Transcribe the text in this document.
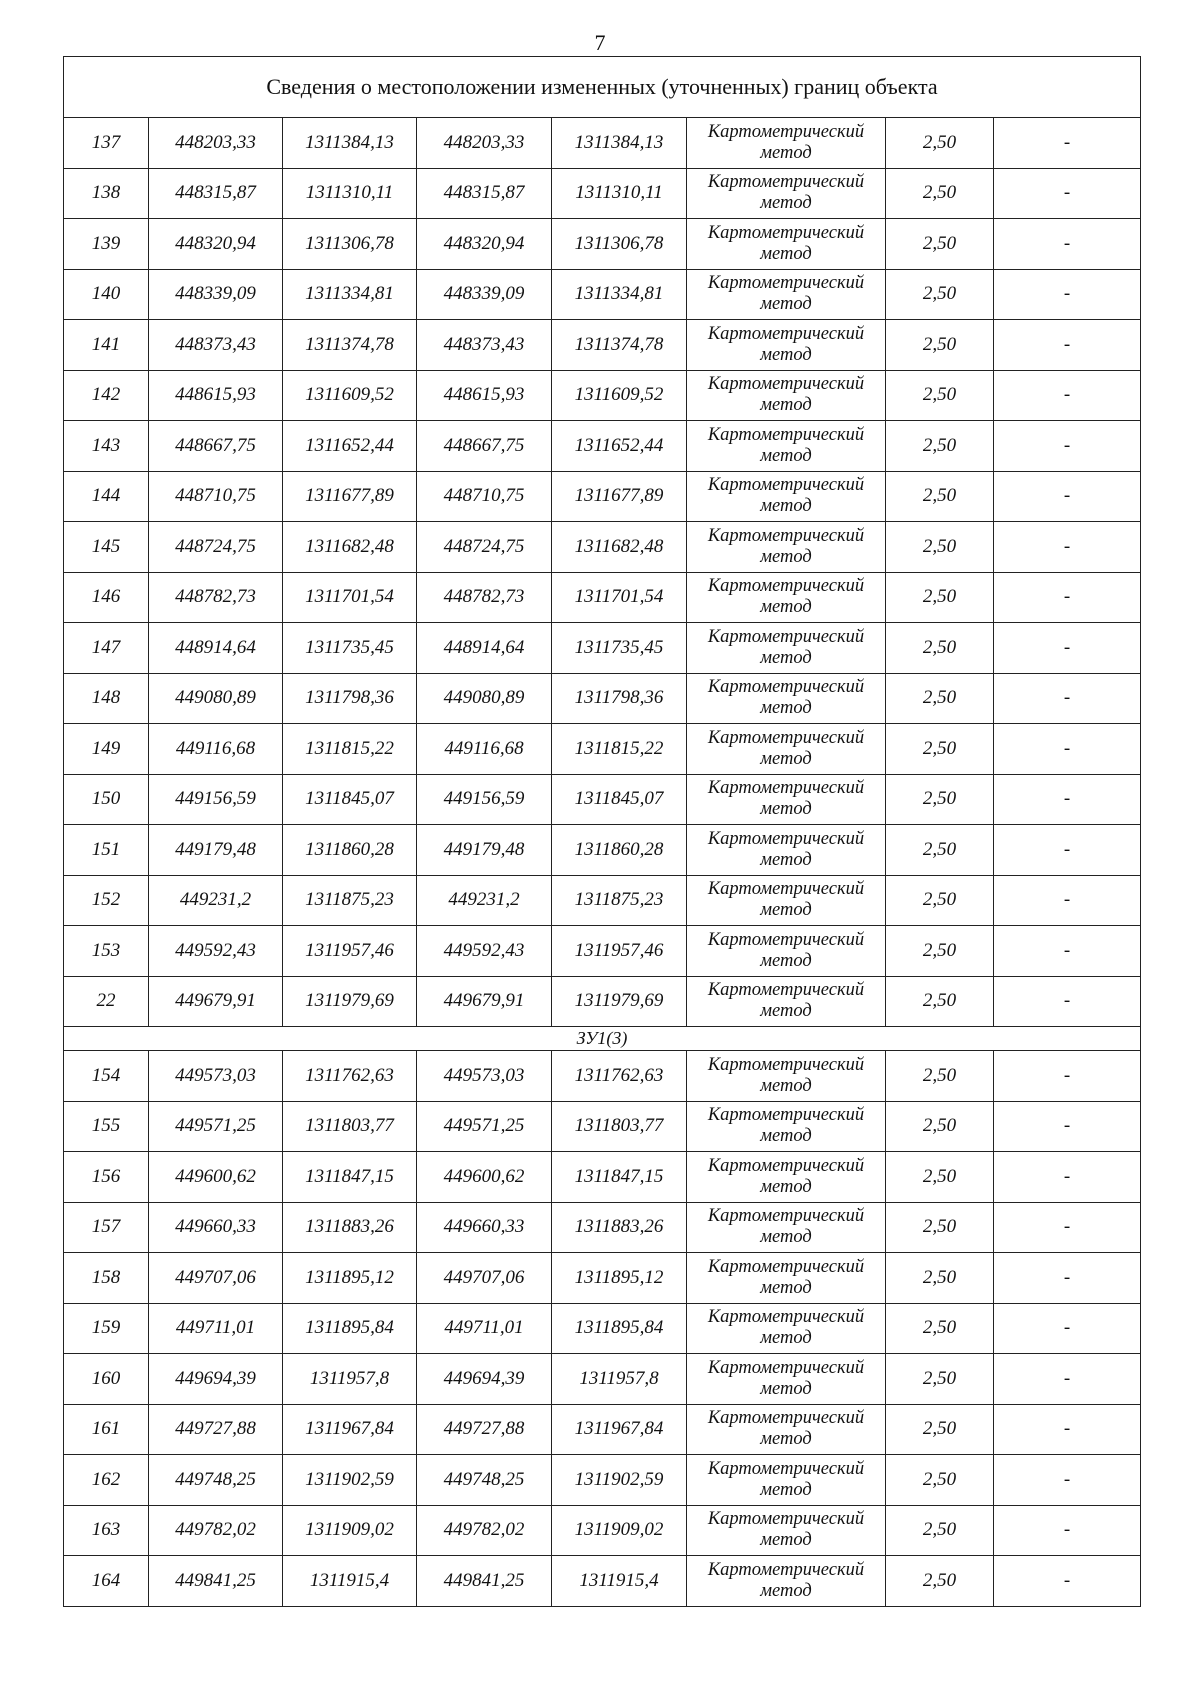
7
Сведения о местоположении измененных (уточненных) границ объекта							
137	448203,33	1311384,13	448203,33	1311384,13	Картометрический метод	2,50	-
138	448315,87	1311310,11	448315,87	1311310,11	Картометрический метод	2,50	-
139	448320,94	1311306,78	448320,94	1311306,78	Картометрический метод	2,50	-
140	448339,09	1311334,81	448339,09	1311334,81	Картометрический метод	2,50	-
141	448373,43	1311374,78	448373,43	1311374,78	Картометрический метод	2,50	-
142	448615,93	1311609,52	448615,93	1311609,52	Картометрический метод	2,50	-
143	448667,75	1311652,44	448667,75	1311652,44	Картометрический метод	2,50	-
144	448710,75	1311677,89	448710,75	1311677,89	Картометрический метод	2,50	-
145	448724,75	1311682,48	448724,75	1311682,48	Картометрический метод	2,50	-
146	448782,73	1311701,54	448782,73	1311701,54	Картометрический метод	2,50	-
147	448914,64	1311735,45	448914,64	1311735,45	Картометрический метод	2,50	-
148	449080,89	1311798,36	449080,89	1311798,36	Картометрический метод	2,50	-
149	449116,68	1311815,22	449116,68	1311815,22	Картометрический метод	2,50	-
150	449156,59	1311845,07	449156,59	1311845,07	Картометрический метод	2,50	-
151	449179,48	1311860,28	449179,48	1311860,28	Картометрический метод	2,50	-
152	449231,2	1311875,23	449231,2	1311875,23	Картометрический метод	2,50	-
153	449592,43	1311957,46	449592,43	1311957,46	Картометрический метод	2,50	-
22	449679,91	1311979,69	449679,91	1311979,69	Картометрический метод	2,50	-
ЗУ1(3)							
154	449573,03	1311762,63	449573,03	1311762,63	Картометрический метод	2,50	-
155	449571,25	1311803,77	449571,25	1311803,77	Картометрический метод	2,50	-
156	449600,62	1311847,15	449600,62	1311847,15	Картометрический метод	2,50	-
157	449660,33	1311883,26	449660,33	1311883,26	Картометрический метод	2,50	-
158	449707,06	1311895,12	449707,06	1311895,12	Картометрический метод	2,50	-
159	449711,01	1311895,84	449711,01	1311895,84	Картометрический метод	2,50	-
160	449694,39	1311957,8	449694,39	1311957,8	Картометрический метод	2,50	-
161	449727,88	1311967,84	449727,88	1311967,84	Картометрический метод	2,50	-
162	449748,25	1311902,59	449748,25	1311902,59	Картометрический метод	2,50	-
163	449782,02	1311909,02	449782,02	1311909,02	Картометрический метод	2,50	-
164	449841,25	1311915,4	449841,25	1311915,4	Картометрический метод	2,50	-
